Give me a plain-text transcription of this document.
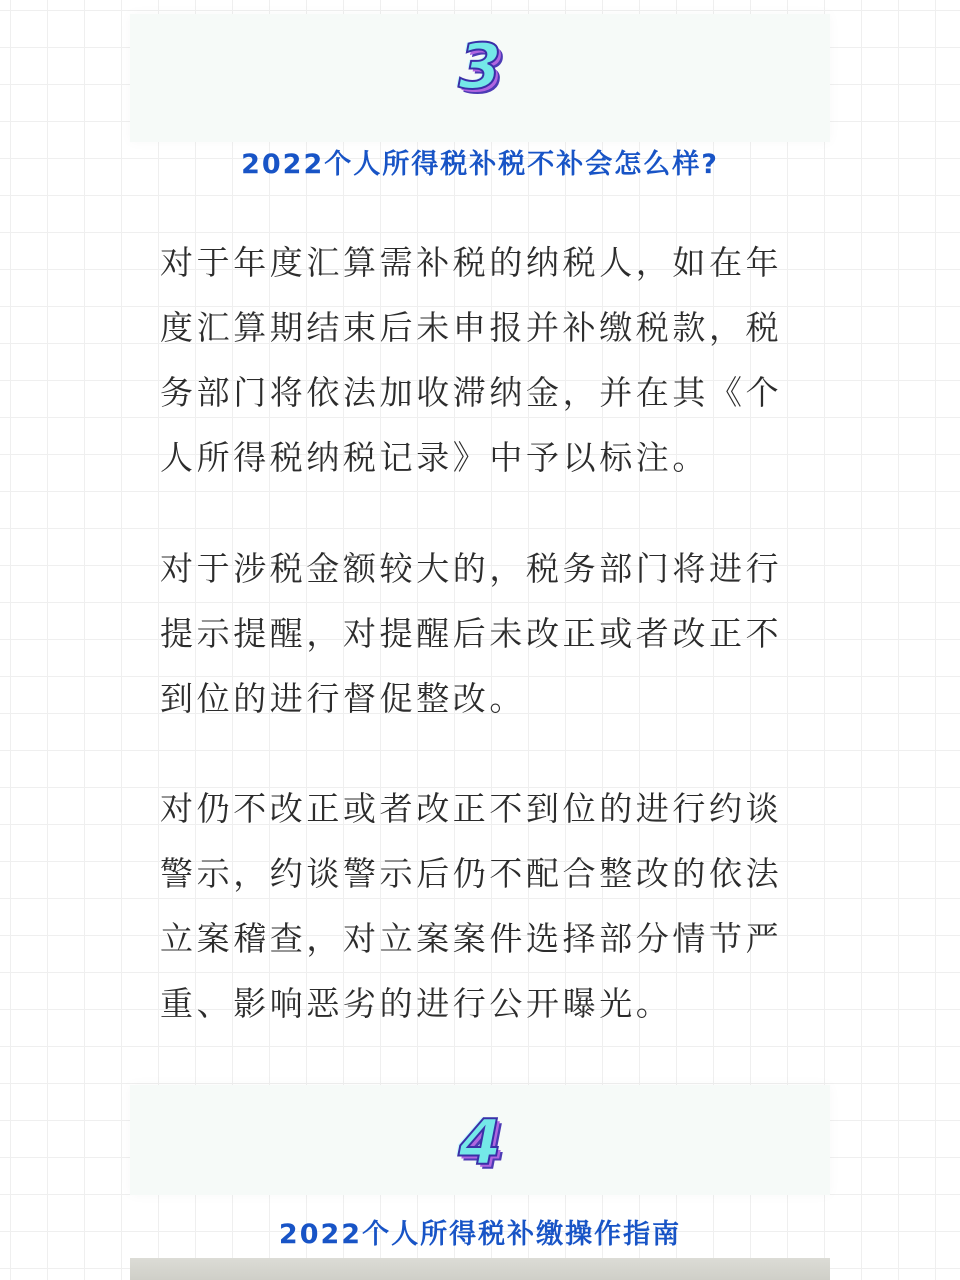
3
2022个人所得税补税不补会怎么样?

对于年度汇算需补税的纳税人，如在年度汇算期结束后未申报并补缴税款，税务部门将依法加收滞纳金，并在其《个人所得税纳税记录》中予以标注。

对于涉税金额较大的，税务部门将进行提示提醒，对提醒后未改正或者改正不到位的进行督促整改。

对仍不改正或者改正不到位的进行约谈警示，约谈警示后仍不配合整改的依法立案稽查，对立案案件选择部分情节严重、影响恶劣的进行公开曝光。

4
2022个人所得税补缴操作指南
